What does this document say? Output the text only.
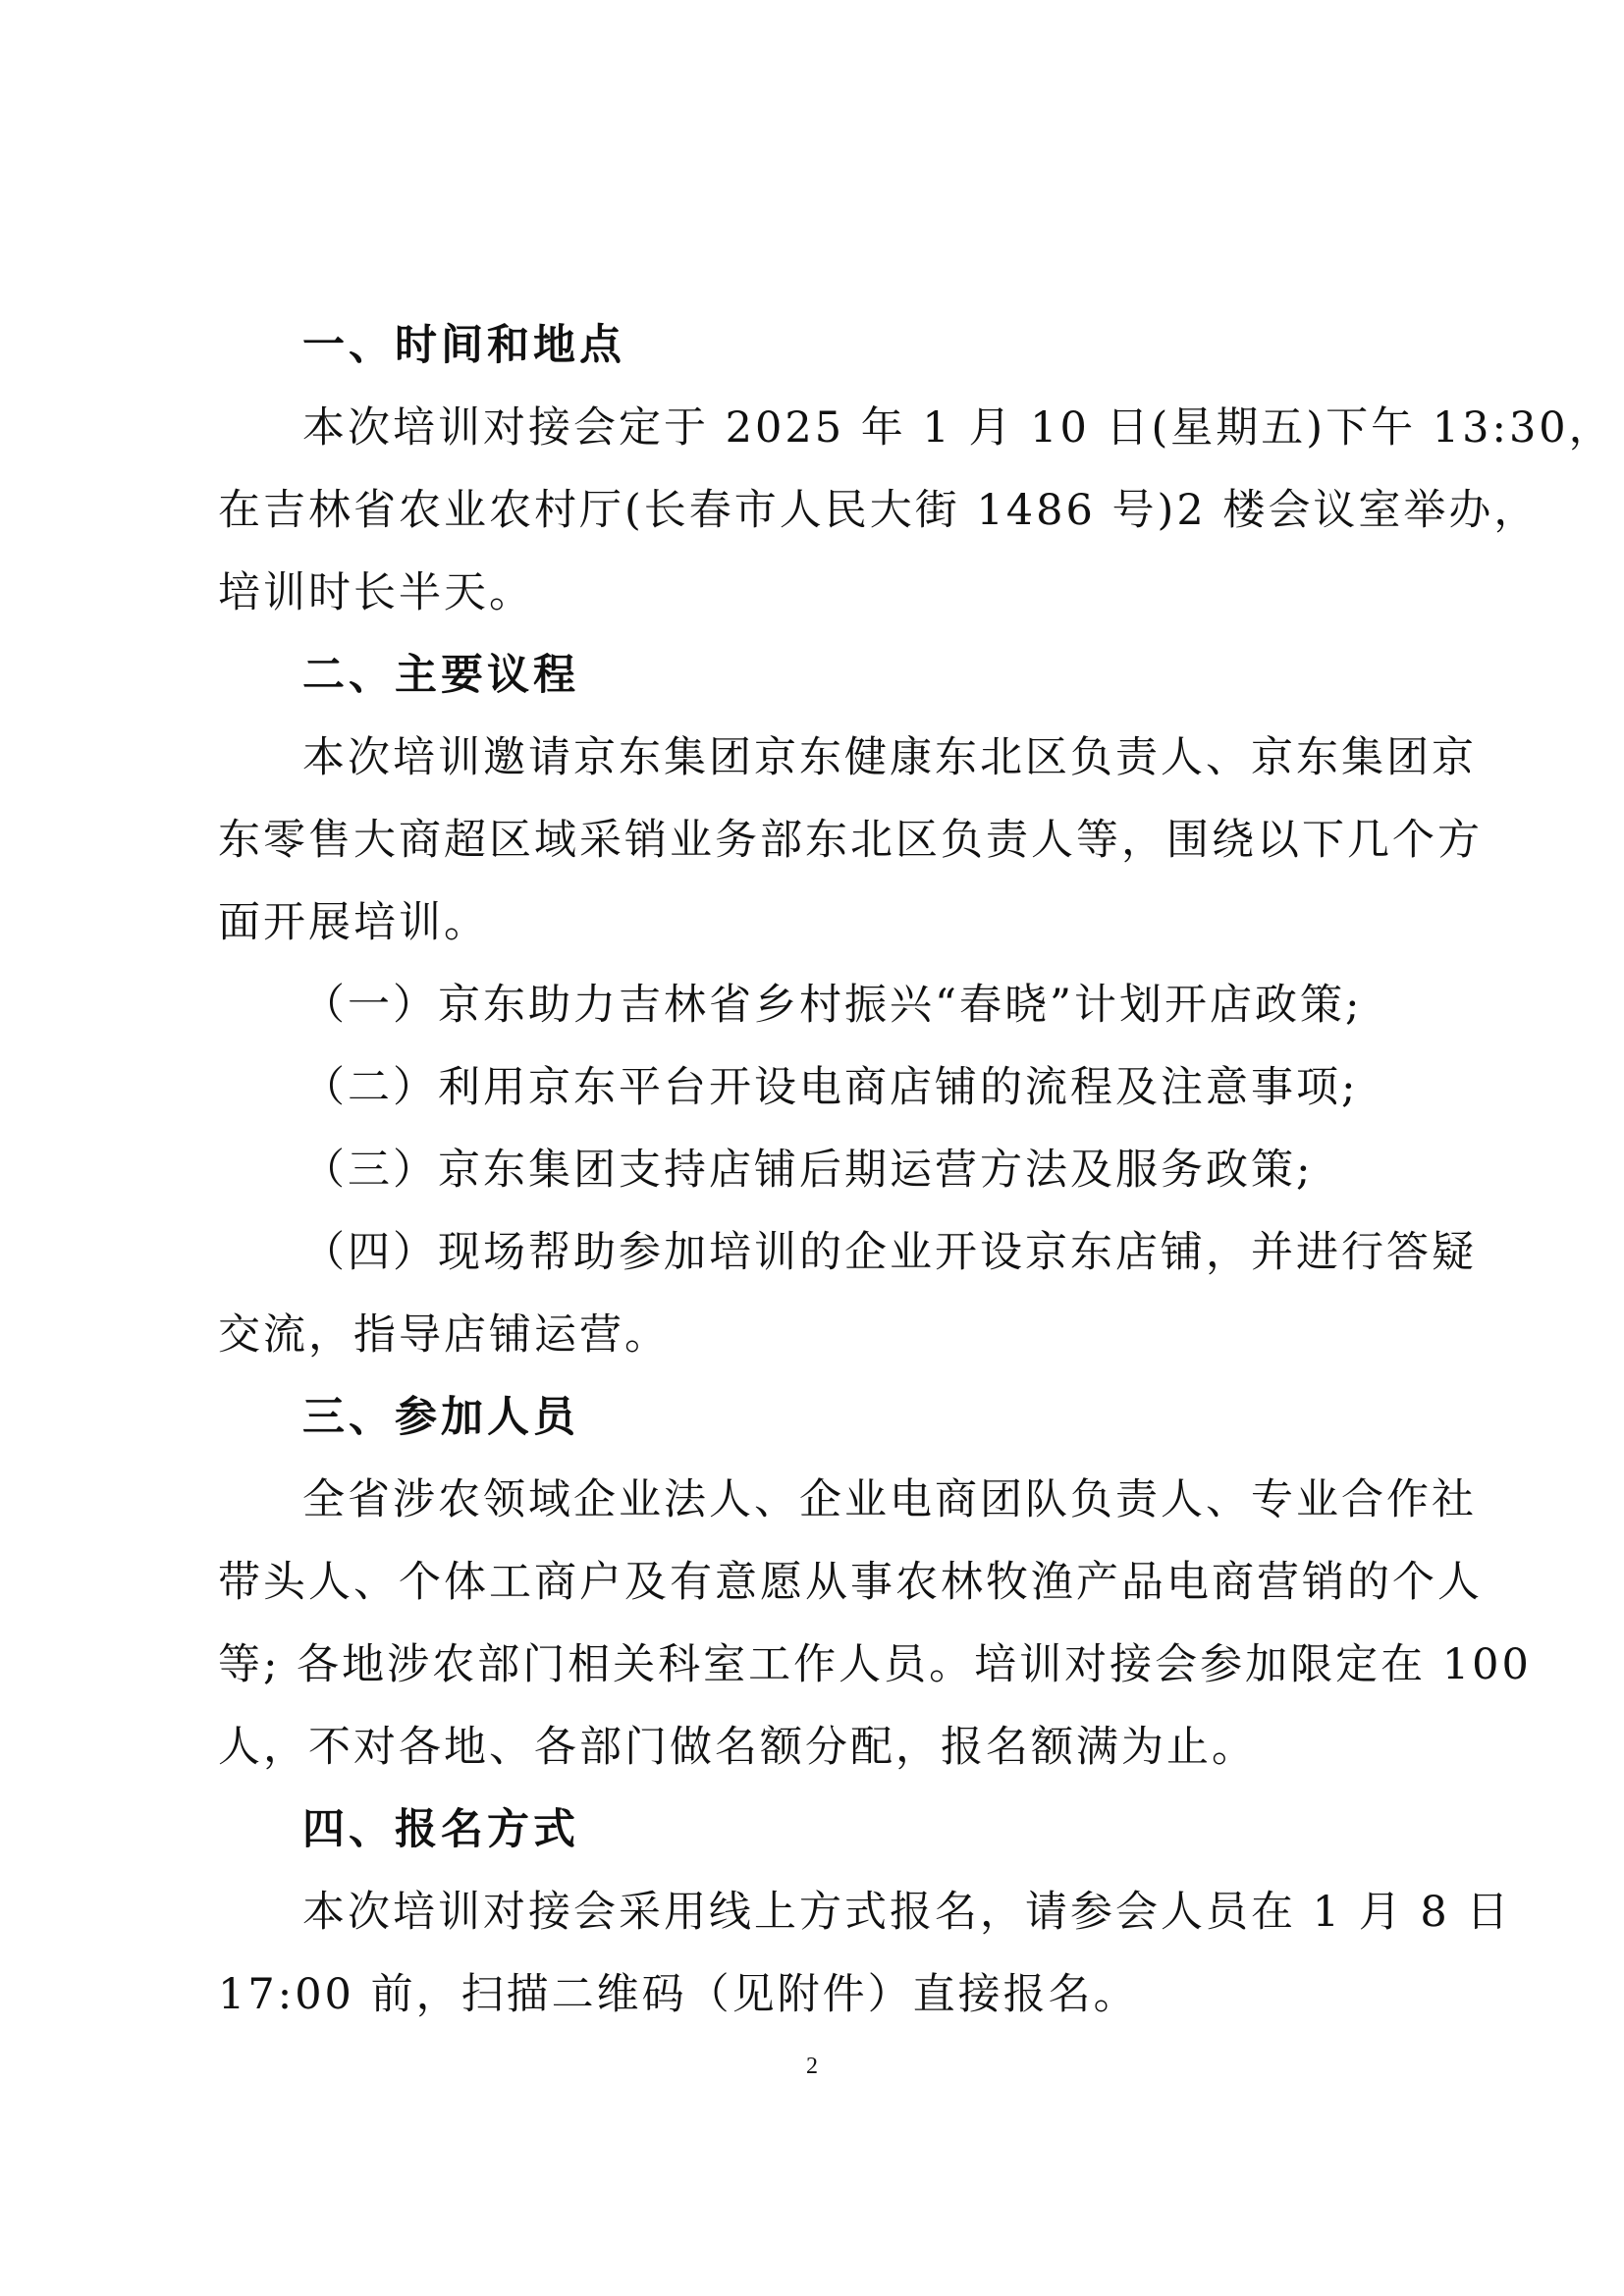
一、时间和地点
本次培训对接会定于 2025 年 1 月 10 日(星期五)下午 13:30，
在吉林省农业农村厅(长春市人民大街 1486 号)2 楼会议室举办，
培训时长半天。
二、主要议程
本次培训邀请京东集团京东健康东北区负责人、京东集团京
东零售大商超区域采销业务部东北区负责人等，围绕以下几个方
面开展培训。
（一）京东助力吉林省乡村振兴“春晓”计划开店政策;
（二）利用京东平台开设电商店铺的流程及注意事项;
（三）京东集团支持店铺后期运营方法及服务政策;
（四）现场帮助参加培训的企业开设京东店铺，并进行答疑
交流，指导店铺运营。
三、参加人员
全省涉农领域企业法人、企业电商团队负责人、专业合作社
带头人、个体工商户及有意愿从事农林牧渔产品电商营销的个人
等; 各地涉农部门相关科室工作人员。培训对接会参加限定在 100
人，不对各地、各部门做名额分配，报名额满为止。
四、报名方式
本次培训对接会采用线上方式报名，请参会人员在 1 月 8 日
17:00 前，扫描二维码（见附件）直接报名。
2
